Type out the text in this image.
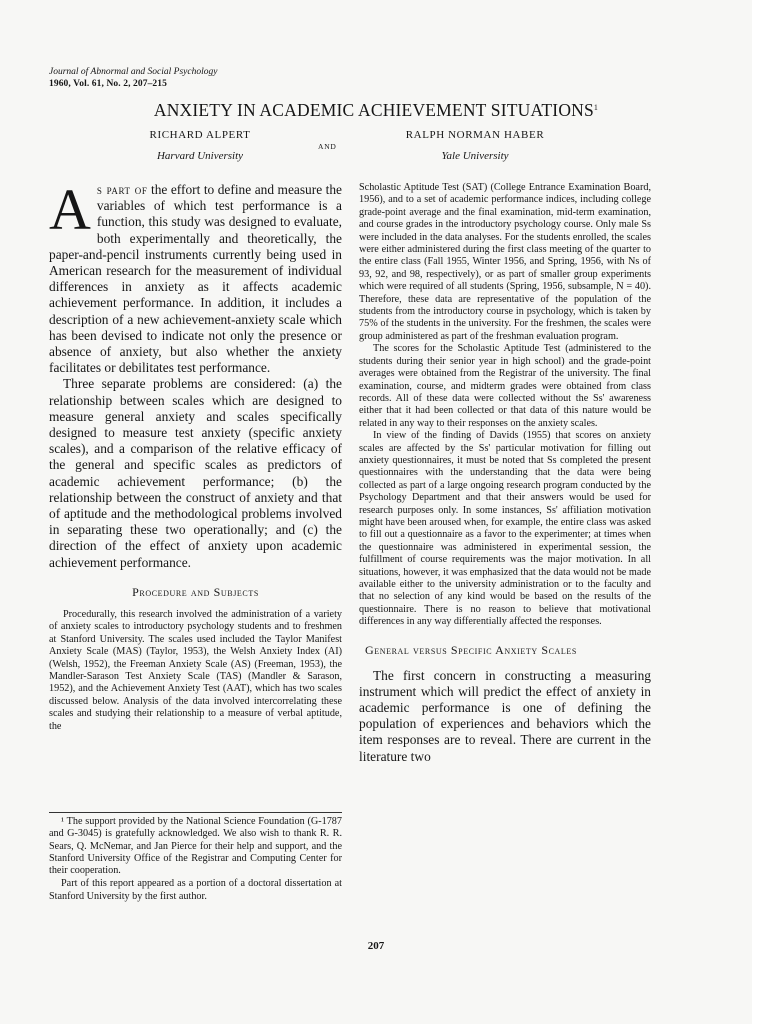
Journal of Abnormal and Social Psychology
1960, Vol. 61, No. 2, 207–215
ANXIETY IN ACADEMIC ACHIEVEMENT SITUATIONS$^1$
RICHARD ALPERT
Harvard University
AND
RALPH NORMAN HABER
Yale University

As part of the effort to define and measure the variables of which test performance is a function, this study was designed to evaluate, both experimentally and theoretically, the paper-and-pencil instruments currently being used in American research for the measurement of individual differences in anxiety as it affects academic achievement performance. In addition, it includes a description of a new achievement-anxiety scale which has been devised to indicate not only the presence or absence of anxiety, but also whether the anxiety facilitates or debilitates test performance.

Three separate problems are considered: (a) the relationship between scales which are designed to measure general anxiety and scales specifically designed to measure test anxiety (specific anxiety scales), and a comparison of the relative efficacy of the general and specific scales as predictors of academic achievement performance; (b) the relationship between the construct of anxiety and that of aptitude and the methodological problems involved in separating these two operationally; and (c) the direction of the effect of anxiety upon academic achievement performance.

Procedure and Subjects

Procedurally, this research involved the administration of a variety of anxiety scales to introductory psychology students and to freshmen at Stanford University. The scales used included the Taylor Manifest Anxiety Scale (MAS) (Taylor, 1953), the Welsh Anxiety Index (AI) (Welsh, 1952), the Freeman Anxiety Scale (AS) (Freeman, 1953), the Mandler-Sarason Test Anxiety Scale (TAS) (Mandler & Sarason, 1952), and the Achievement Anxiety Test (AAT), which has two scales discussed below. Analysis of the data involved intercorrelating these scales and studying their relationship to a measure of verbal aptitude, the

¹ The support provided by the National Science Foundation (G-1787 and G-3045) is gratefully acknowledged. We also wish to thank R. R. Sears, Q. McNemar, and Jan Pierce for their help and support, and the Stanford University Office of the Registrar and Computing Center for their cooperation.

Part of this report appeared as a portion of a doctoral dissertation at Stanford University by the first author.

Scholastic Aptitude Test (SAT) (College Entrance Examination Board, 1956), and to a set of academic performance indices, including college grade-point average and the final examination, mid-term examination, and course grades in the introductory psychology course. Only male Ss were included in the data analyses. For the students enrolled, the scales were either administered during the first class meeting of the quarter to the entire class (Fall 1955, Winter 1956, and Spring, 1956, with Ns of 93, 92, and 98, respectively), or as part of smaller group experiments which were required of all students (Spring, 1956, subsample, N = 40). Therefore, these data are representative of the population of the students from the introductory course in psychology, which is taken by 75% of the students in the university. For the freshmen, the scales were group administered as part of the freshman evaluation program.

The scores for the Scholastic Aptitude Test (administered to the students during their senior year in high school) and the grade-point averages were obtained from the Registrar of the university. The final examination, course, and midterm grades were obtained from class records. All of these data were collected without the Ss' awareness either that it had been collected or that data of this nature would be related in any way to their responses on the anxiety scales.

In view of the finding of Davids (1955) that scores on anxiety scales are affected by the Ss' particular motivation for filling out anxiety questionnaires, it must be noted that Ss completed the present questionnaires with the understanding that the data were being collected as part of a large ongoing research program conducted by the Psychology Department and that their answers would be used for research purposes only. In some instances, Ss' affiliation motivation might have been aroused when, for example, the entire class was asked to fill out a questionnaire as a favor to the experimenter; at times when the questionnaire was administered in experimental session, the fulfillment of course requirements was the major motivation. In all situations, however, it was emphasized that the data would not be made available either to the university administration or to the faculty and that no selection of any kind would be based on the results of the questionnaire. There is no reason to believe that motivational differences in any way differentially affected the responses.

General versus Specific Anxiety Scales

The first concern in constructing a measuring instrument which will predict the effect of anxiety in academic performance is one of defining the population of experiences and behaviors which the item responses are to reveal. There are current in the literature two

207
